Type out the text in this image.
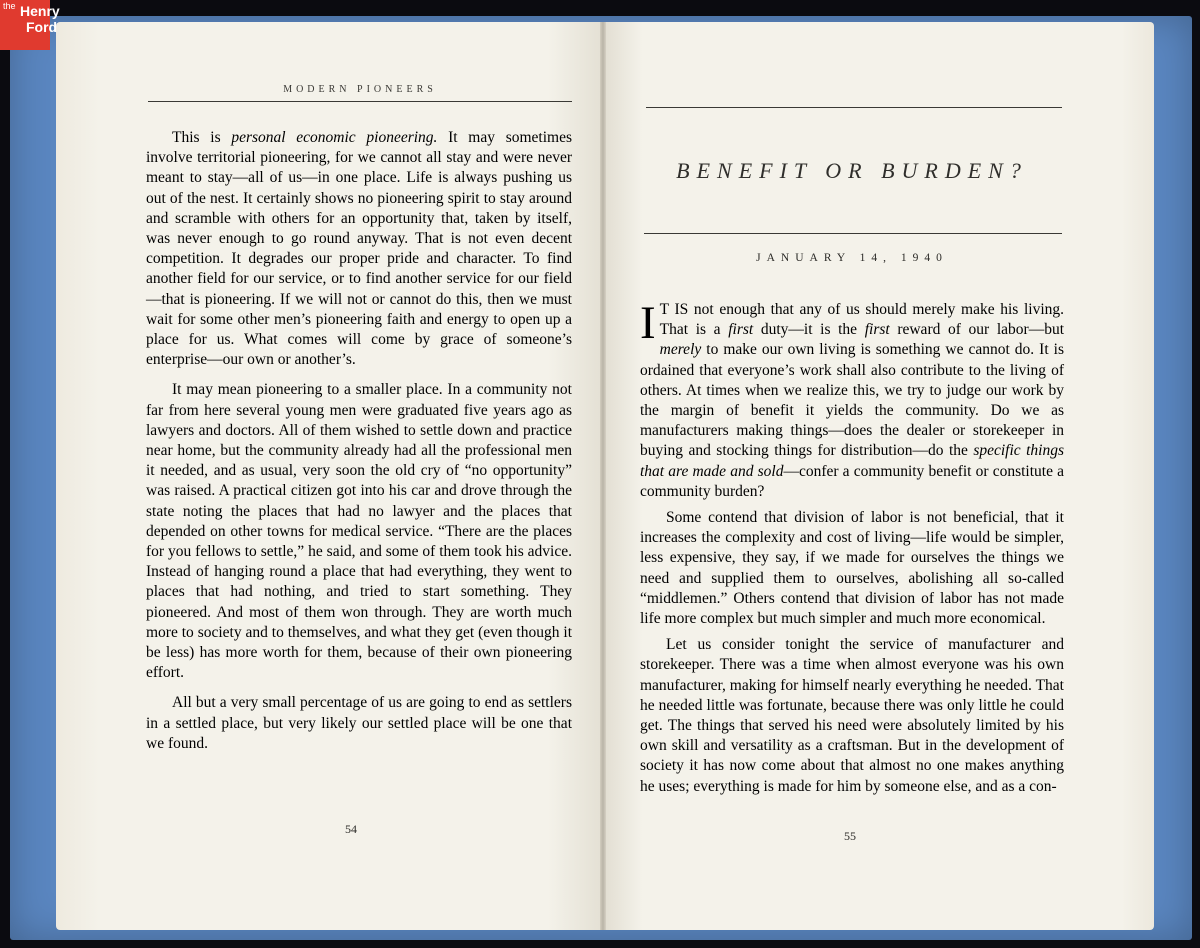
the Henry
Ford
MODERN PIONEERS

This is personal economic pioneering. It may sometimes involve territorial pioneering, for we cannot all stay and were never meant to stay—all of us—in one place. Life is always pushing us out of the nest. It certainly shows no pioneering spirit to stay around and scramble with others for an opportunity that, taken by itself, was never enough to go round anyway. That is not even decent competition. It degrades our proper pride and character. To find another field for our service, or to find another service for our field—that is pioneering. If we will not or cannot do this, then we must wait for some other men’s pioneering faith and energy to open up a place for us. What comes will come by grace of someone’s enterprise—our own or another’s.

It may mean pioneering to a smaller place. In a community not far from here several young men were graduated five years ago as lawyers and doctors. All of them wished to settle down and practice near home, but the community already had all the professional men it needed, and as usual, very soon the old cry of “no opportunity” was raised. A practical citizen got into his car and drove through the state noting the places that had no lawyer and the places that depended on other towns for medical service. “There are the places for you fellows to settle,” he said, and some of them took his advice. Instead of hanging round a place that had everything, they went to places that had nothing, and tried to start something. They pioneered. And most of them won through. They are worth much more to society and to themselves, and what they get (even though it be less) has more worth for them, because of their own pioneering effort.

All but a very small percentage of us are going to end as settlers in a settled place, but very likely our settled place will be one that we found.

54
BENEFIT OR BURDEN?
JANUARY 14, 1940

I T IS not enough that any of us should merely make his living. That is a first duty—it is the first reward of our labor—but merely to make our own living is something we cannot do. It is ordained that everyone’s work shall also contribute to the living of others. At times when we realize this, we try to judge our work by the margin of benefit it yields the community. Do we as manufacturers making things—does the dealer or storekeeper in buying and stocking things for distribution—do the specific things that are made and sold—confer a community benefit or constitute a community burden?

Some contend that division of labor is not beneficial, that it increases the complexity and cost of living—life would be simpler, less expensive, they say, if we made for ourselves the things we need and supplied them to ourselves, abolishing all so-called “middlemen.” Others contend that division of labor has not made life more complex but much simpler and much more economical.

Let us consider tonight the service of manufacturer and storekeeper. There was a time when almost everyone was his own manufacturer, making for himself nearly everything he needed. That he needed little was fortunate, because there was only little he could get. The things that served his need were absolutely limited by his own skill and versatility as a craftsman. But in the development of society it has now come about that almost no one makes anything he uses; everything is made for him by someone else, and as a con-

55
